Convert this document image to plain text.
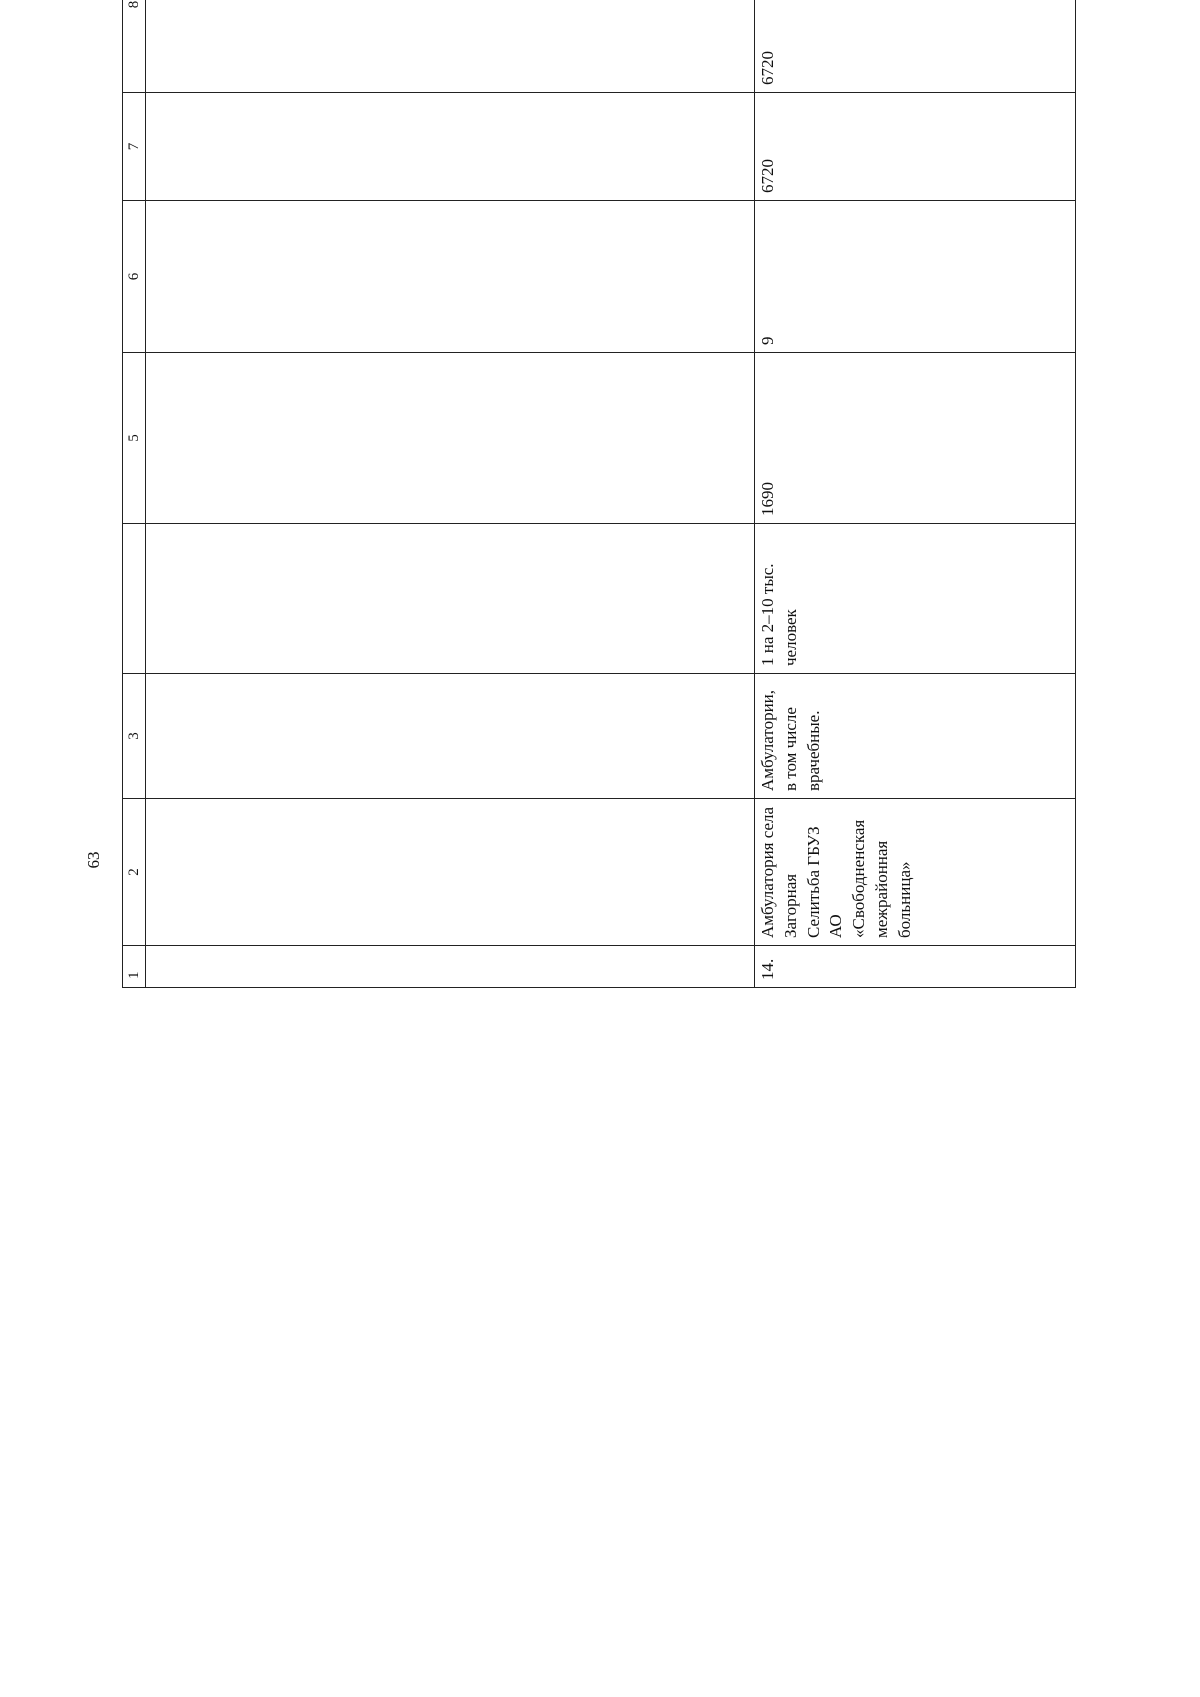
63
1	2	3	4	5	6	7	8		

14.	Амбулатория села Загорная Селитьба ГБУЗ АО «Свободненская межрайонная больница»	Амбулатории, в том числе врачебные.	1 на 2–10 тыс. человек	1690	9	6720	6720		
